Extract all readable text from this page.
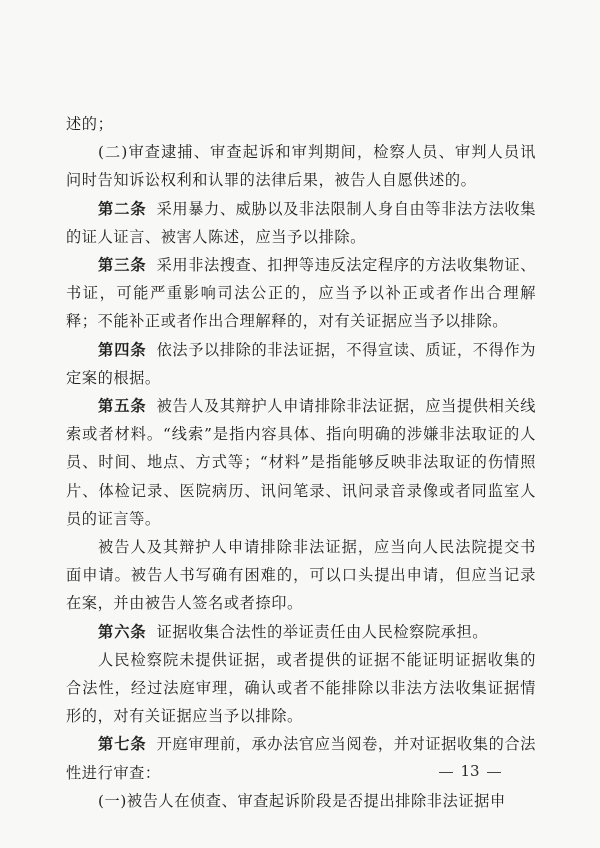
述的；

(二)审查逮捕、审查起诉和审判期间，检察人员、审判人员讯问时告知诉讼权利和认罪的法律后果，被告人自愿供述的。

第二条 采用暴力、威胁以及非法限制人身自由等非法方法收集的证人证言、被害人陈述，应当予以排除。

第三条 采用非法搜查、扣押等违反法定程序的方法收集物证、书证，可能严重影响司法公正的，应当予以补正或者作出合理解释；不能补正或者作出合理解释的，对有关证据应当予以排除。

第四条 依法予以排除的非法证据，不得宣读、质证，不得作为定案的根据。

第五条 被告人及其辩护人申请排除非法证据，应当提供相关线索或者材料。“线索”是指内容具体、指向明确的涉嫌非法取证的人员、时间、地点、方式等；“材料”是指能够反映非法取证的伤情照片、体检记录、医院病历、讯问笔录、讯问录音录像或者同监室人员的证言等。

被告人及其辩护人申请排除非法证据，应当向人民法院提交书面申请。被告人书写确有困难的，可以口头提出申请，但应当记录在案，并由被告人签名或者捺印。

第六条 证据收集合法性的举证责任由人民检察院承担。

人民检察院未提供证据，或者提供的证据不能证明证据收集的合法性，经过法庭审理，确认或者不能排除以非法方法收集证据情形的，对有关证据应当予以排除。

第七条 开庭审理前，承办法官应当阅卷，并对证据收集的合法性进行审查：

(一)被告人在侦查、审查起诉阶段是否提出排除非法证据申

13
